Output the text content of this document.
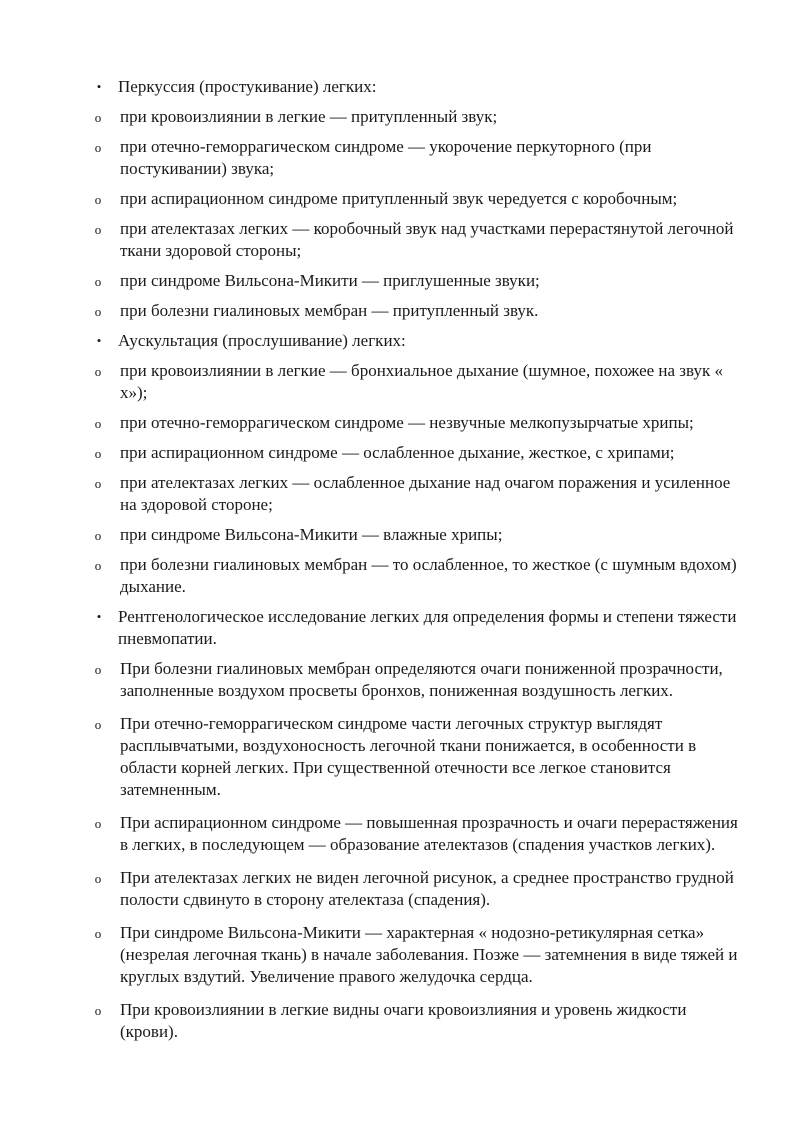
• Перкуссия (простукивание) легких:
o при кровоизлиянии в легкие — притупленный звук;
o при отечно-геморрагическом синдроме — укорочение перкуторного (при постукивании) звука;
o при аспирационном синдроме притупленный звук чередуется с коробочным;
o при ателектазах легких — коробочный звук над участками перерастянутой легочной ткани здоровой стороны;
o при синдроме Вильсона-Микити — приглушенные звуки;
o при болезни гиалиновых мембран — притупленный звук.
• Аускультация (прослушивание) легких:
o при кровоизлиянии в легкие — бронхиальное дыхание (шумное, похожее на звук « х»);
o при отечно-геморрагическом синдроме — незвучные мелкопузырчатые хрипы;
o при аспирационном синдроме — ослабленное дыхание, жесткое, с хрипами;
o при ателектазах легких — ослабленное дыхание над очагом поражения и усиленное на здоровой стороне;
o при синдроме Вильсона-Микити — влажные хрипы;
o при болезни гиалиновых мембран — то ослабленное, то жесткое (с шумным вдохом) дыхание.
• Рентгенологическое исследование легких для определения формы и степени тяжести пневмопатии.
o При болезни гиалиновых мембран определяются очаги пониженной прозрачности, заполненные воздухом просветы бронхов, пониженная воздушность легких.
o При отечно-геморрагическом синдроме части легочных структур выглядят расплывчатыми, воздухоносность легочной ткани понижается, в особенности в области корней легких. При существенной отечности все легкое становится затемненным.
o При аспирационном синдроме — повышенная прозрачность и очаги перерастяжения в легких, в последующем — образование ателектазов (спадения участков легких).
o При ателектазах легких не виден легочной рисунок, а среднее пространство грудной полости сдвинуто в сторону ателектаза (спадения).
o При синдроме Вильсона-Микити — характерная « нодозно-ретикулярная сетка» (незрелая легочная ткань) в начале заболевания. Позже — затемнения в виде тяжей и круглых вздутий. Увеличение правого желудочка сердца.
o При кровоизлиянии в легкие видны очаги кровоизлияния и уровень жидкости (крови).
